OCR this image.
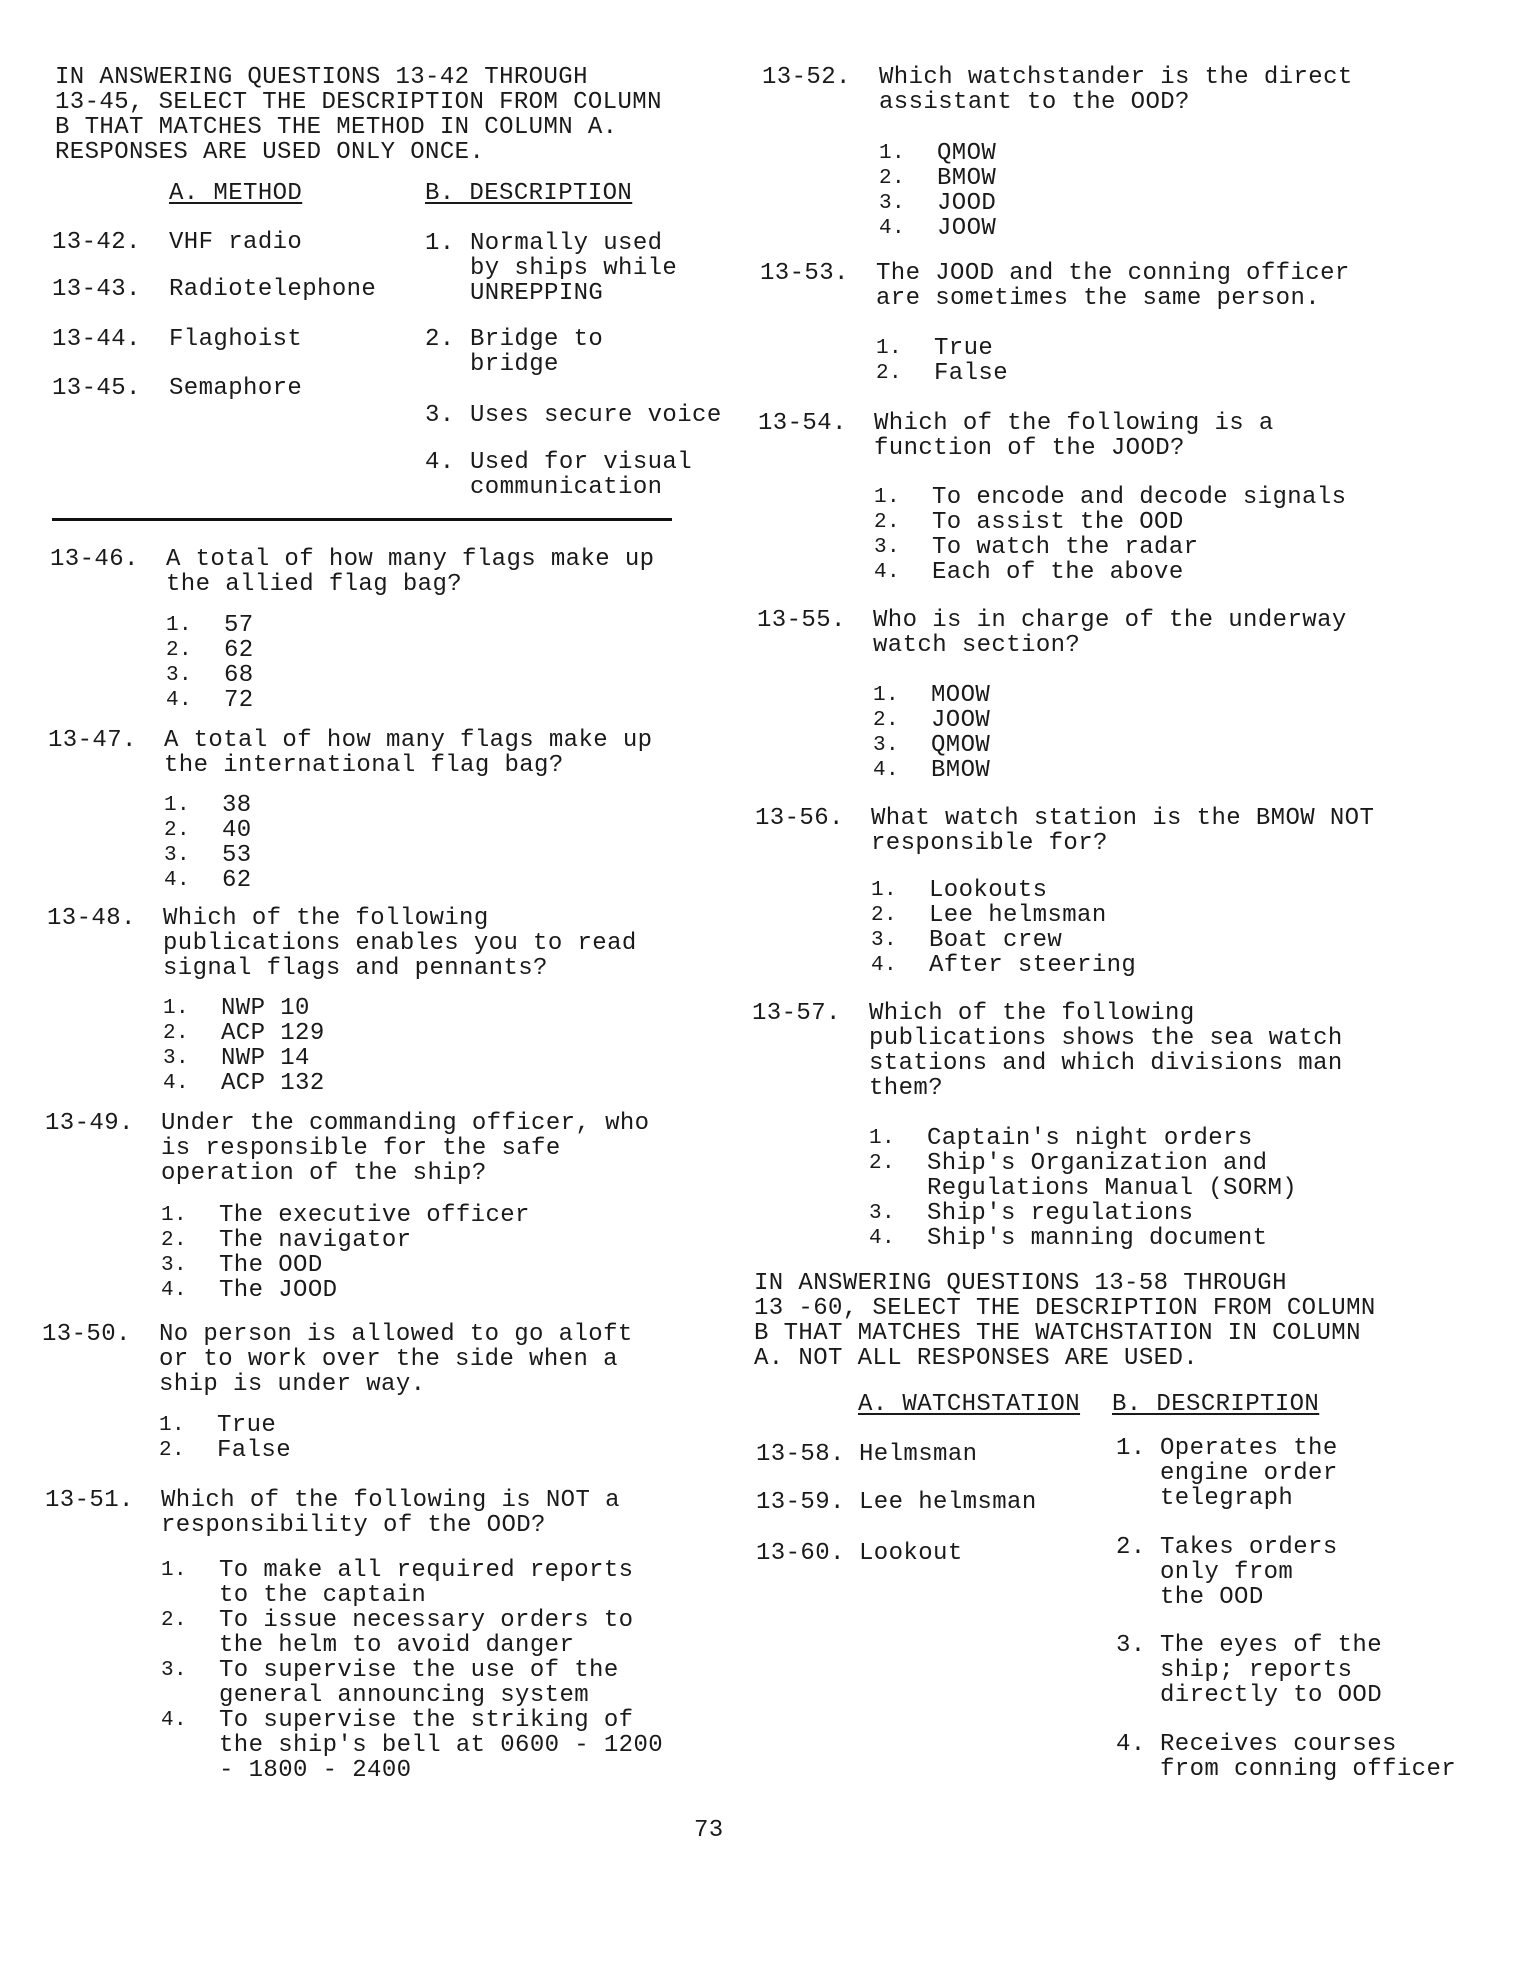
73
IN ANSWERING QUESTIONS 13-42 THROUGH
13-45, SELECT THE DESCRIPTION FROM COLUMN
B THAT MATCHES THE METHOD IN COLUMN A.
RESPONSES ARE USED ONLY ONCE.
A. METHOD	B. DESCRIPTION
13-42. VHF radio
13-43. Radiotelephone
13-44. Flaghoist
13-45. Semaphore
1. Normally used
by ships while
UNREPPING
2. Bridge to
bridge
3. Uses secure voice
4. Used for visual
communication
IN ANSWERING QUESTIONS 13-58 THROUGH
13 -60, SELECT THE DESCRIPTION FROM COLUMN
B THAT MATCHES THE WATCHSTATION IN COLUMN
A. NOT ALL RESPONSES ARE USED.
A. WATCHSTATION B. DESCRIPTION
13-58. Helmsman
13-59. Lee helmsman
13-60. Lookout
1. Operates the
engine order
telegraph
2. Takes orders
only from
the OOD
3. The eyes of the
ship; reports
directly to OOD
4. Receives courses
from conning officer
13-46. A total of how many flags make up
the allied flag bag?
1. 57
2. 62
3. 68
4. 72
13-47. A total of how many flags make up
the international flag bag?
1. 38
2. 40
3. 53
4. 62
13-48. Which of the following
publications enables you to read
signal flags and pennants?
1. NWP 10
2. ACP 129
3. NWP 14
4. ACP 132
13-49. Under the commanding officer, who
is responsible for the safe
operation of the ship?
1. The executive officer
2. The navigator
3. The OOD
4. The JOOD
13-50. No person is allowed to go aloft
or to work over the side when a
ship is under way.
1. True
2. False
13-51. Which of the following is NOT a
responsibility of the OOD?
1. To make all required reports
to the captain
2. To issue necessary orders to
the helm to avoid danger
3. To supervise the use of the
general announcing system
4. To supervise the striking of
the ship's bell at 0600 - 1200
- 1800 - 2400
13-52. Which watchstander is the direct
assistant to the OOD?
1. QMOW
2. BMOW
3. JOOD
4. JOOW
13-53. The JOOD and the conning officer
are sometimes the same person.
1. True
2. False
13-54. Which of the following is a
function of the JOOD?
1. To encode and decode signals
2. To assist the OOD
3. To watch the radar
4. Each of the above
13-55. Who is in charge of the underway
watch section?
1. MOOW
2. JOOW
3. QMOW
4. BMOW
13-56. What watch station is the BMOW NOT
responsible for?
1. Lookouts
2. Lee helmsman
3. Boat crew
4. After steering
13-57. Which of the following
publications shows the sea watch
stations and which divisions man
them?
1. Captain's night orders
2. Ship's Organization and
Regulations Manual (SORM)
3. Ship's regulations
4. Ship's manning document
